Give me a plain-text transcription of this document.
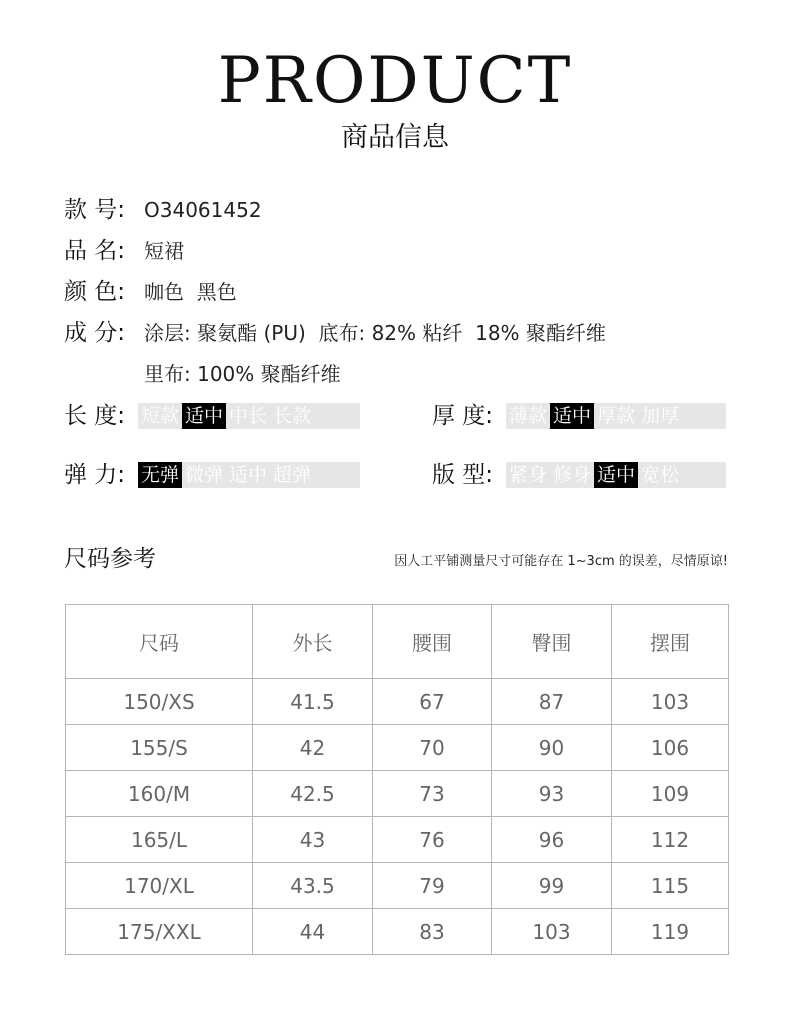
PRODUCT
商品信息
款 号: O34061452
品 名: 短裙
颜 色: 咖色  黑色
成 分: 涂层: 聚氨酯 (PU)  底布: 82% 粘纤  18% 聚酯纤维
里布: 100% 聚酯纤维
长 度: 短款 适中 中长 长款	厚 度: 薄款 适中 厚款 加厚
弹 力: 无弹 微弹 适中 超弹	版 型: 紧身 修身 适中 宽松
尺码参考	因人工平铺测量尺寸可能存在 1~3cm 的误差，尽情原谅!
尺码	外长	腰围	臀围	摆围
150/XS	41.5	67	87	103
155/S	42	70	90	106
160/M	42.5	73	93	109
165/L	43	76	96	112
170/XL	43.5	79	99	115
175/XXL	44	83	103	119
